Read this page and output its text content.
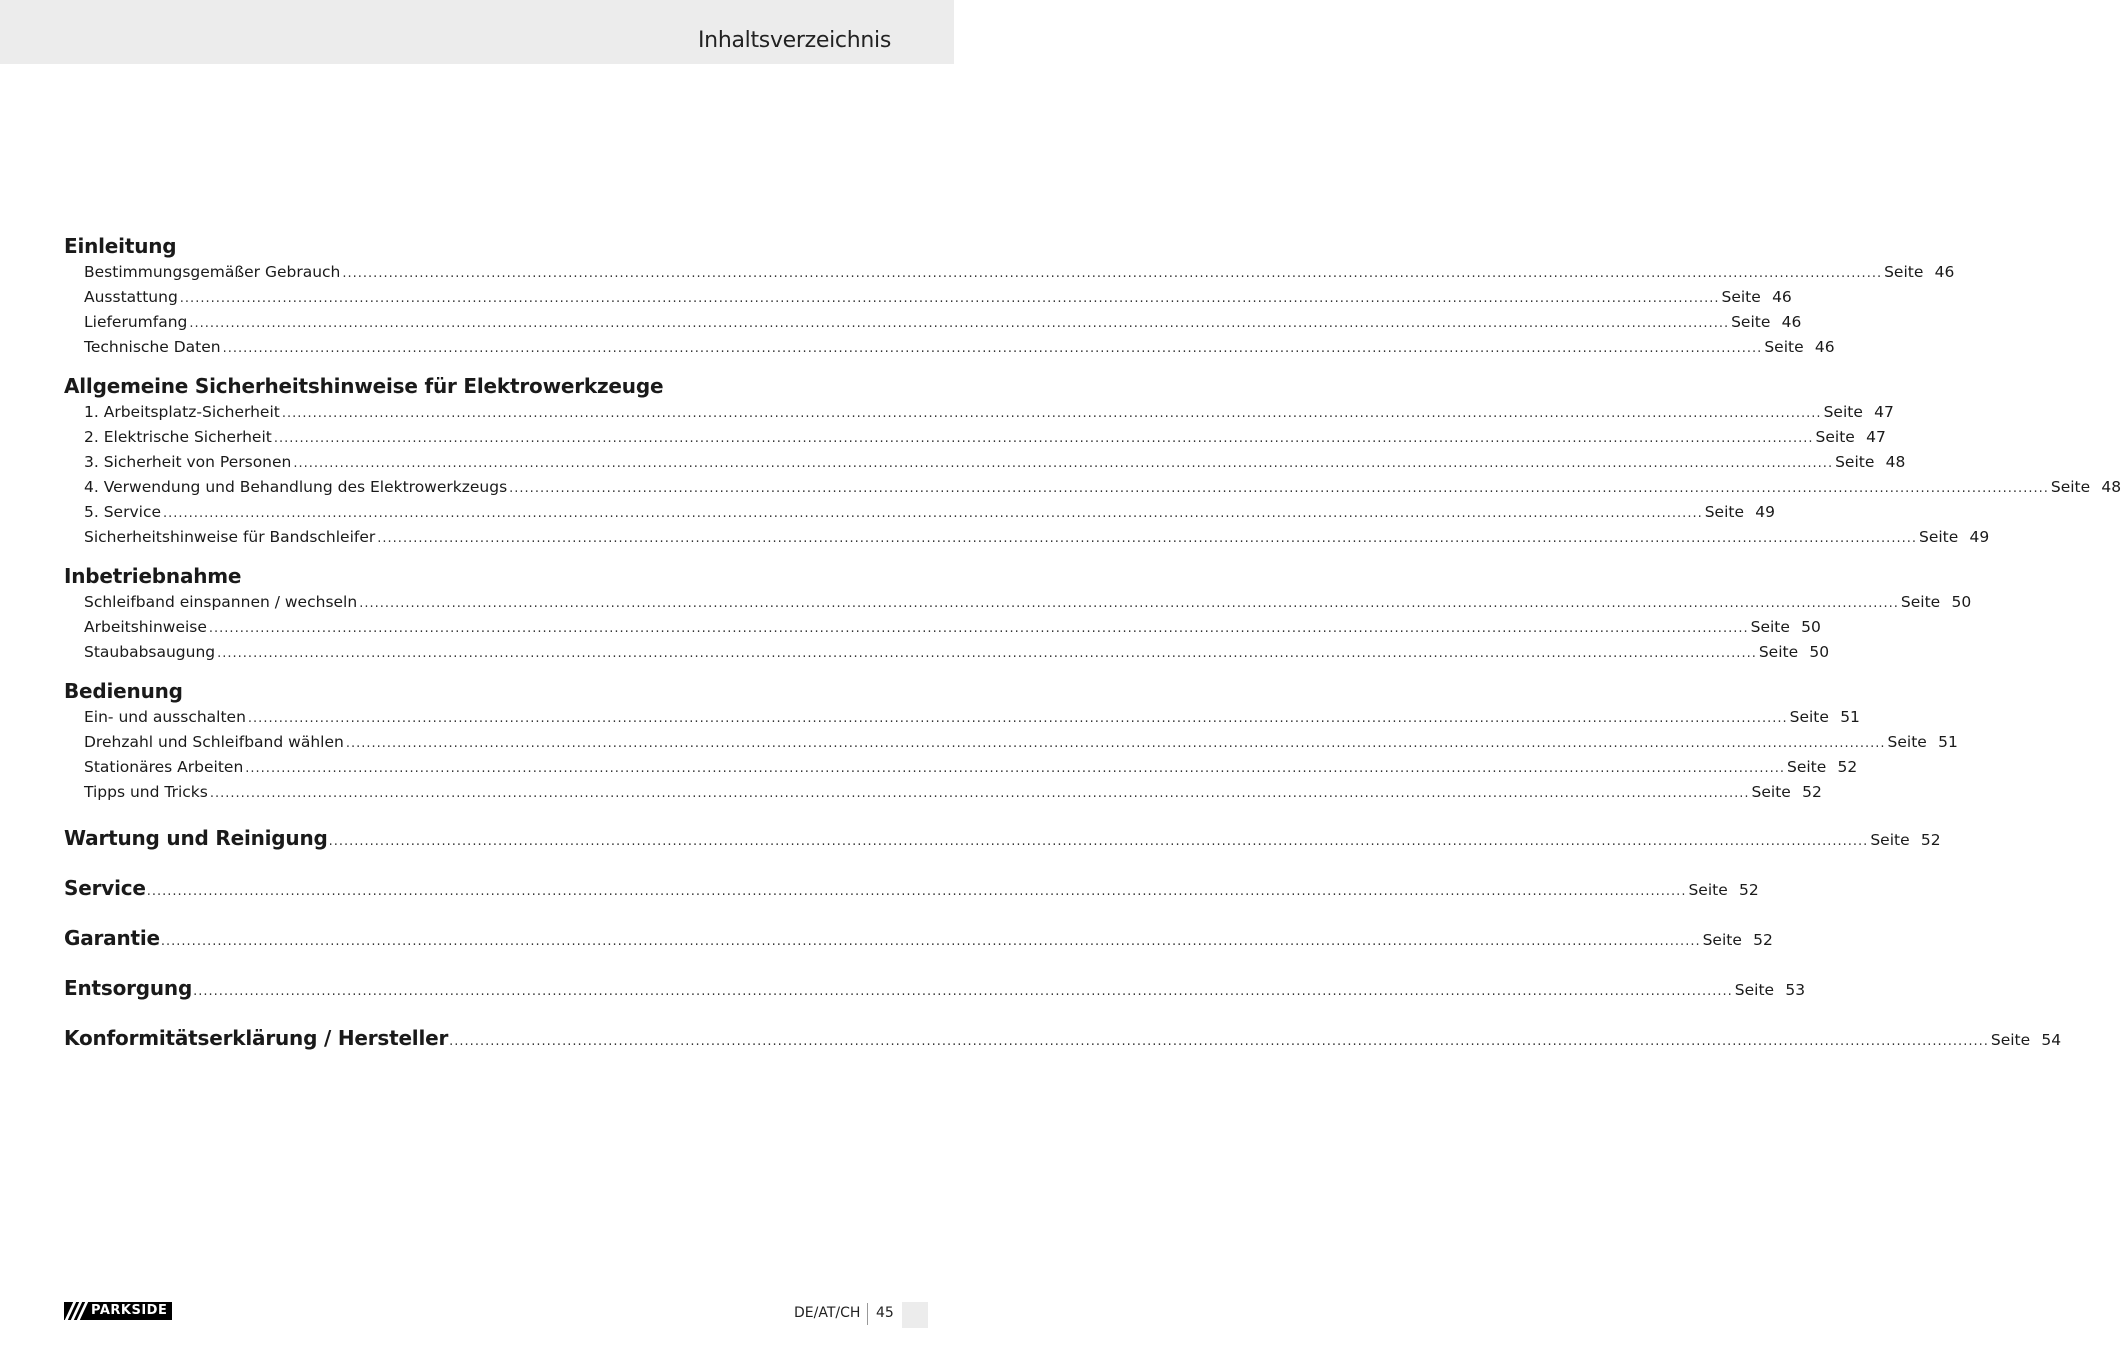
Inhaltsverzeichnis
Einleitung
Bestimmungsgemäßer Gebrauch ............................................................................................................................................................................................................................................................................................................ Seite 46
Ausstattung ............................................................................................................................................................................................................................................................................................................ Seite 46
Lieferumfang ............................................................................................................................................................................................................................................................................................................ Seite 46
Technische Daten ............................................................................................................................................................................................................................................................................................................ Seite 46
Allgemeine Sicherheitshinweise für Elektrowerkzeuge
1. Arbeitsplatz-Sicherheit ............................................................................................................................................................................................................................................................................................................ Seite 47
2. Elektrische Sicherheit ............................................................................................................................................................................................................................................................................................................ Seite 47
3. Sicherheit von Personen ............................................................................................................................................................................................................................................................................................................ Seite 48
4. Verwendung und Behandlung des Elektrowerkzeugs ............................................................................................................................................................................................................................................................................................................ Seite 48
5. Service ............................................................................................................................................................................................................................................................................................................ Seite 49
Sicherheitshinweise für Bandschleifer ............................................................................................................................................................................................................................................................................................................ Seite 49
Inbetriebnahme
Schleifband einspannen / wechseln ............................................................................................................................................................................................................................................................................................................ Seite 50
Arbeitshinweise ............................................................................................................................................................................................................................................................................................................ Seite 50
Staubabsaugung ............................................................................................................................................................................................................................................................................................................ Seite 50
Bedienung
Ein- und ausschalten ............................................................................................................................................................................................................................................................................................................ Seite 51
Drehzahl und Schleifband wählen ............................................................................................................................................................................................................................................................................................................ Seite 51
Stationäres Arbeiten ............................................................................................................................................................................................................................................................................................................ Seite 52
Tipps und Tricks ............................................................................................................................................................................................................................................................................................................ Seite 52
Wartung und Reinigung ............................................................................................................................................................................................................................................................................................................ Seite 52
Service ............................................................................................................................................................................................................................................................................................................ Seite 52
Garantie ............................................................................................................................................................................................................................................................................................................ Seite 52
Entsorgung ............................................................................................................................................................................................................................................................................................................ Seite 53
Konformitätserklärung / Hersteller ............................................................................................................................................................................................................................................................................................................ Seite 54
PARKSIDE	DE/AT/CH 45
